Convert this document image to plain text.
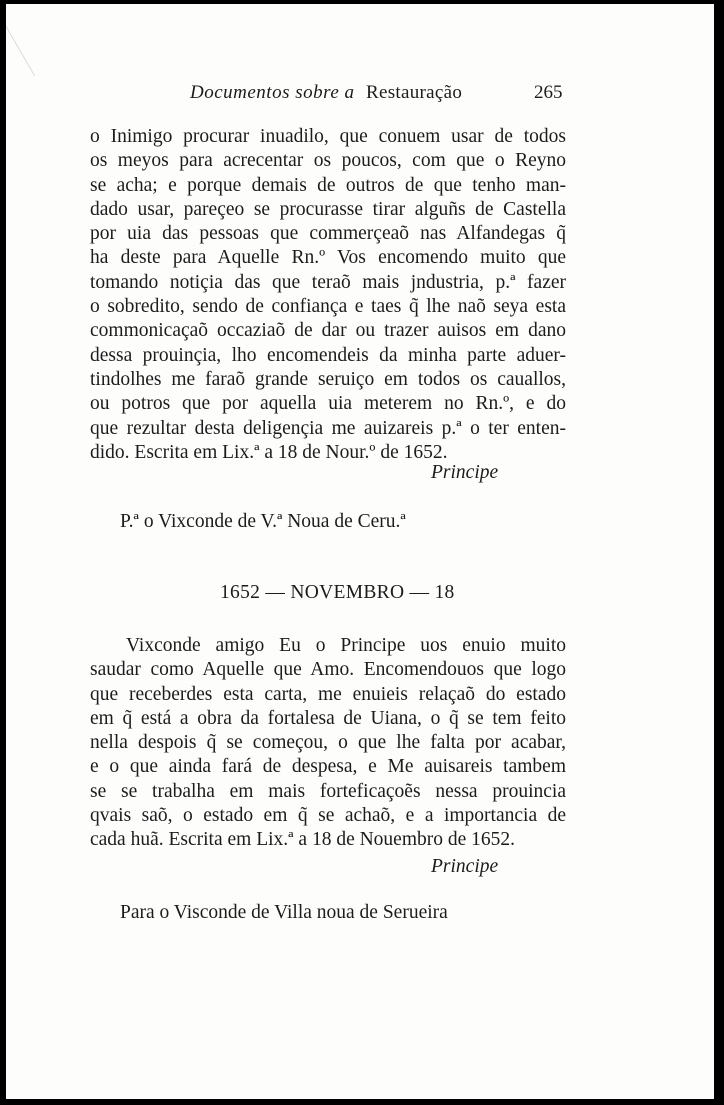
Documentos sobre a Restauração	265
o Inimigo procurar inuadilo, que conuem usar de todos
os meyos para acrecentar os poucos, com que o Reyno
se acha; e porque demais de outros de que tenho man-
dado usar, pareçeo se procurasse tirar alguñs de Castella
por uia das pessoas que commerçeaõ nas Alfandegas q̃
ha deste para Aquelle Rn.º Vos encomendo muito que
tomando notiçia das que teraõ mais jndustria, p.ª fazer
o sobredito, sendo de confiança e taes q̃ lhe naõ seya esta
commonicaçaõ occaziaõ de dar ou trazer auisos em dano
dessa prouinçia, lho encomendeis da minha parte aduer-
tindolhes me faraõ grande seruiço em todos os cauallos,
ou potros que por aquella uia meterem no Rn.º, e do
que rezultar desta deligençia me auizareis p.ª o ter enten-
dido. Escrita em Lix.ª a 18 de Nour.º de 1652.
Principe
P.ª o Vixconde de V.ª Noua de Ceru.ª
1652 — NOVEMBRO — 18
Vixconde amigo Eu o Principe uos enuio muito
saudar como Aquelle que Amo. Encomendouos que logo
que receberdes esta carta, me enuieis relaçaõ do estado
em q̃ está a obra da fortalesa de Uiana, o q̃ se tem feito
nella despois q̃ se começou, o que lhe falta por acabar,
e o que ainda fará de despesa, e Me auisareis tambem
se se trabalha em mais forteficaçoẽs nessa prouincia
qvais saõ, o estado em q̃ se achaõ, e a importancia de
cada huã. Escrita em Lix.ª a 18 de Nouembro de 1652.
Principe
Para o Visconde de Villa noua de Serueira
